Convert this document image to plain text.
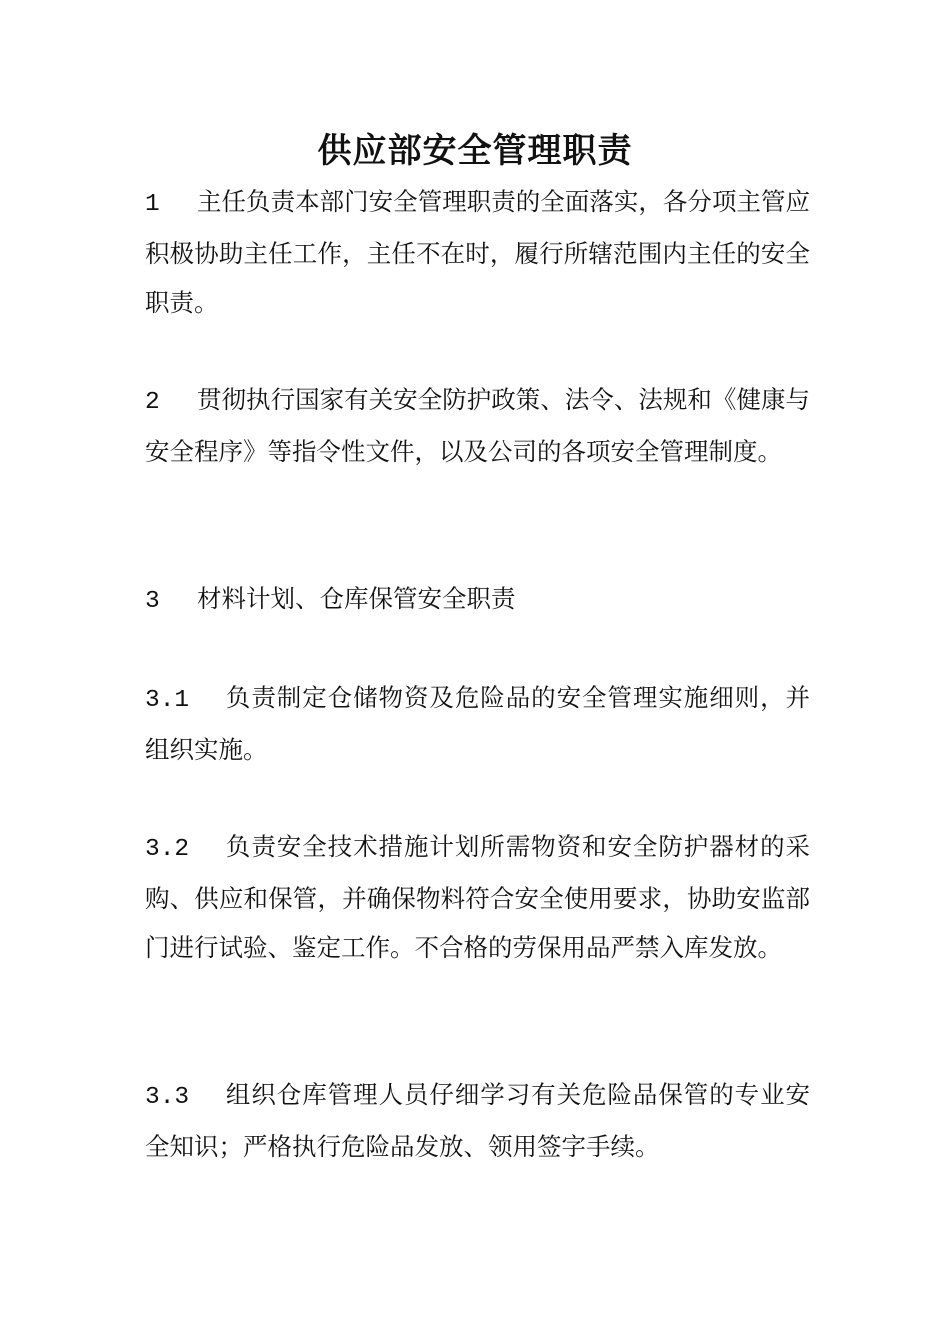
供应部安全管理职责

1 主任负责本部门安全管理职责的全面落实，各分项主管应积极协助主任工作，主任不在时，履行所辖范围内主任的安全职责。

2 贯彻执行国家有关安全防护政策、法令、法规和《健康与安全程序》等指令性文件，以及公司的各项安全管理制度。

3 材料计划、仓库保管安全职责

3.1 负责制定仓储物资及危险品的安全管理实施细则，并组织实施。

3.2 负责安全技术措施计划所需物资和安全防护器材的采购、供应和保管，并确保物料符合安全使用要求，协助安监部门进行试验、鉴定工作。不合格的劳保用品严禁入库发放。

3.3 组织仓库管理人员仔细学习有关危险品保管的专业安全知识；严格执行危险品发放、领用签字手续。
